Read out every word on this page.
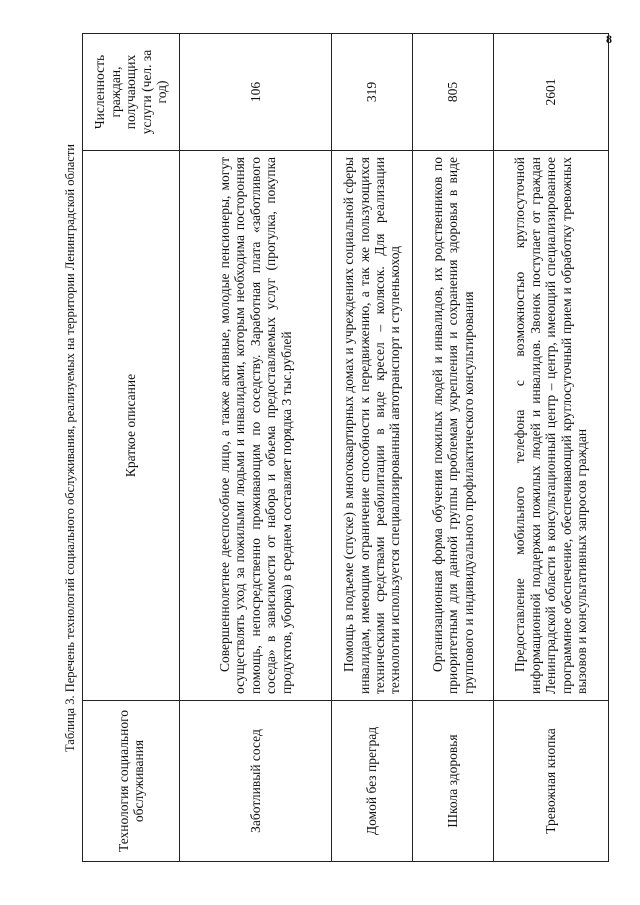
8
Таблица 3. Перечень технологий социального обслуживания, реализуемых на территории Ленинградской области
Технология социального обслуживания	Краткое описание	Численность граждан, получающих услуги (чел. за год)
Заботливый сосед	Совершеннолетнее дееспособное лицо, а также активные, молодые пенсионеры, могут осуществлять уход за пожилыми людьми и инвалидами, которым необходима посторонняя помощь, непосредственно проживающим по соседству. Заработная плата «заботливого соседа» в зависимости от набора и объема предоставляемых услуг (прогулка, покупка продуктов, уборка) в среднем составляет порядка 3 тыс.рублей	106
Домой без преград	Помощь в подъеме (спуске) в многоквартирных домах и учреждениях социальной сферы инвалидам, имеющим ограничение способности к передвижению, а так же пользующихся техническими средствами реабилитации в виде кресел – колясок. Для реализации технологии используется специализированный автотранспорт и ступенькоход	319
Школа здоровья	Организационная форма обучения пожилых людей и инвалидов, их родственников по приоритетным для данной группы проблемам укрепления и сохранения здоровья в виде группового и индивидуального профилактического консультирования	805
Тревожная кнопка	Предоставление мобильного телефона с возможностью круглосуточной информационной поддержки пожилых людей и инвалидов. Звонок поступает от граждан Ленинградской области в консультационный центр – центр, имеющий специализированное программное обеспечение, обеспечивающий круглосуточный прием и обработку тревожных вызовов и консультативных запросов граждан	2601
